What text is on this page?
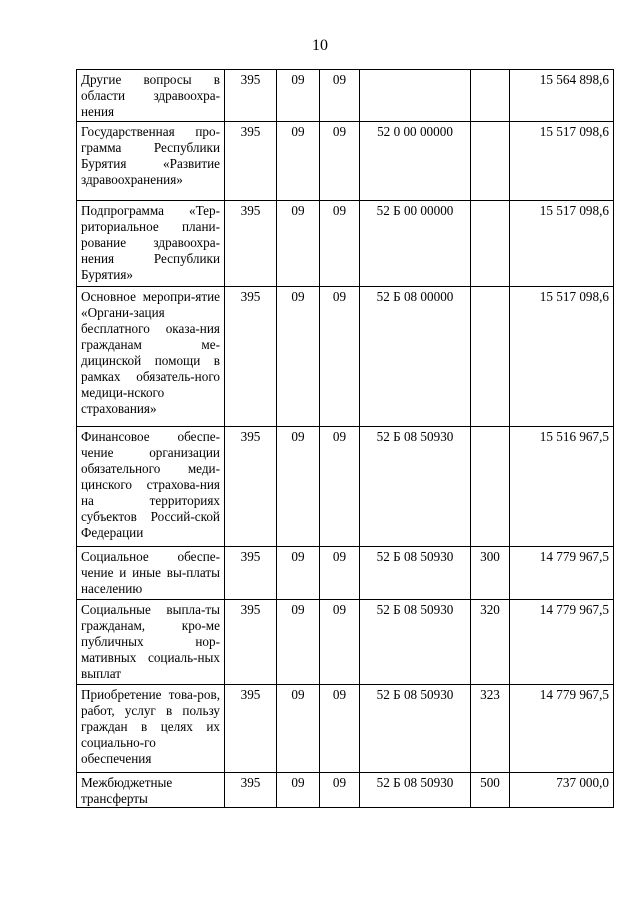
10
Другие вопросы в области здравоохра-нения	395	09	09			15 564 898,6
Государственная про-грамма Республики Бурятия «Развитие здравоохранения»	395	09	09	52 0 00 00000		15 517 098,6
Подпрограмма «Тер-риториальное плани-рование здравоохра-нения Республики Бурятия»	395	09	09	52 Б 00 00000		15 517 098,6
Основное меропри-ятие «Органи-зация бесплатного оказа-ния гражданам ме-дицинской помощи в рамках обязатель-ного медици-нского страхования»	395	09	09	52 Б 08 00000		15 517 098,6
Финансовое обеспе-чение организации обязательного меди-цинского страхова-ния на территориях субъектов Россий-ской Федерации	395	09	09	52 Б 08 50930		15 516 967,5
Социальное обеспе-чение и иные вы-платы населению	395	09	09	52 Б 08 50930	300	14 779 967,5
Социальные выпла-ты гражданам, кро-ме публичных нор-мативных социаль-ных выплат	395	09	09	52 Б 08 50930	320	14 779 967,5
Приобретение това-ров, работ, услуг в пользу граждан в целях их социально-го обеспечения	395	09	09	52 Б 08 50930	323	14 779 967,5
Межбюджетные трансферты	395	09	09	52 Б 08 50930	500	737 000,0
